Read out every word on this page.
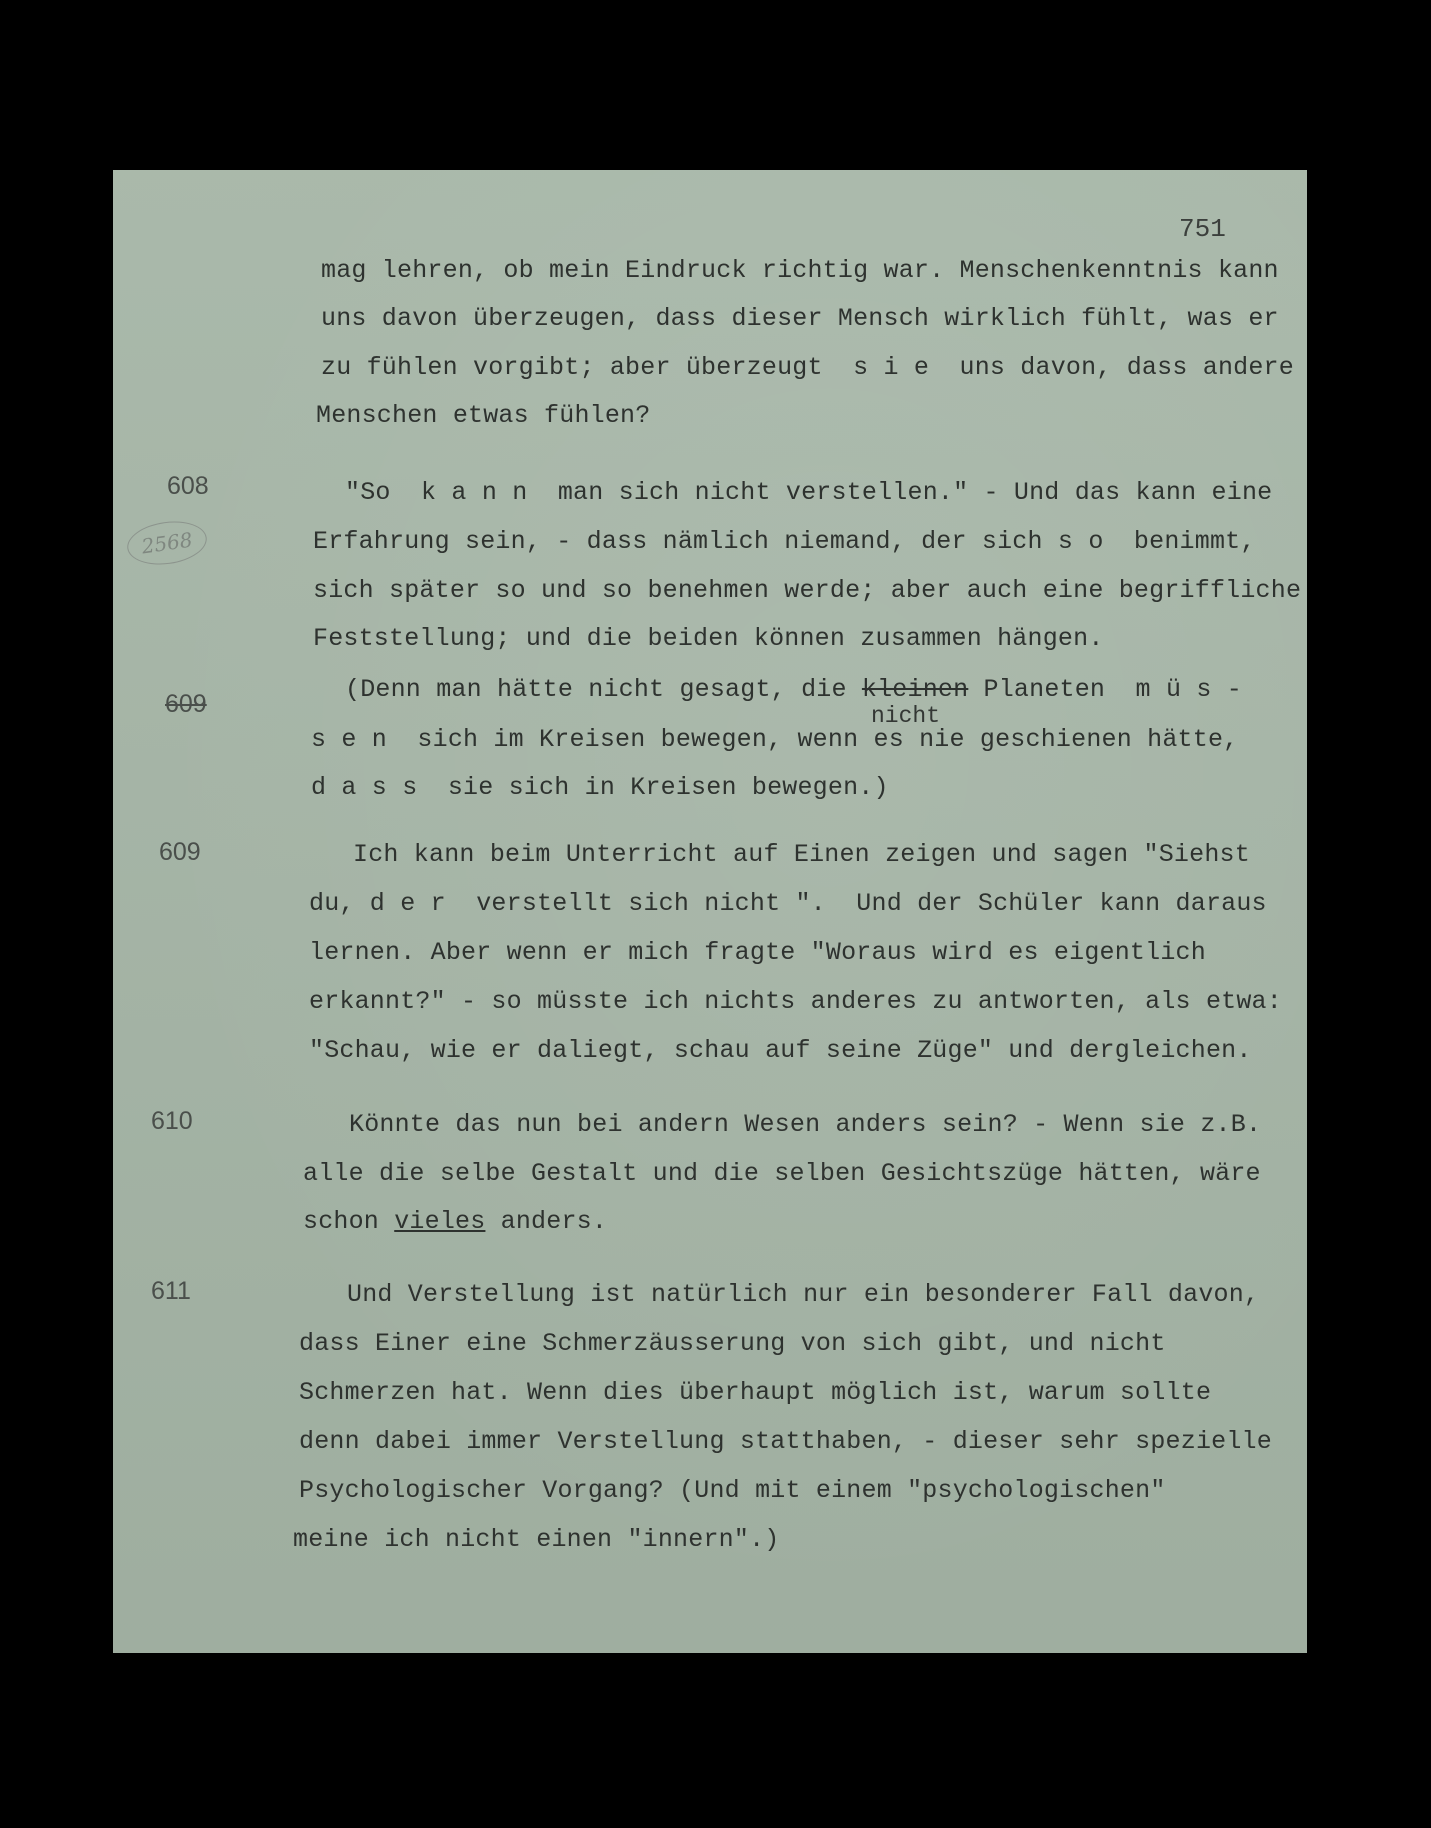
751
mag lehren, ob mein Eindruck richtig war. Menschenkenntnis kann
uns davon überzeugen, dass dieser Mensch wirklich fühlt, was er
zu fühlen vorgibt; aber überzeugt  s i e  uns davon, dass andere
Menschen etwas fühlen?
608
2568
"So  k a n n  man sich nicht verstellen." - Und das kann eine
Erfahrung sein, - dass nämlich niemand, der sich s o  benimmt,
sich später so und so benehmen werde; aber auch eine begriffliche
Feststellung; und die beiden können zusammen hängen.
609	(Denn man hätte nicht gesagt, die kleinen Planeten  m ü s -
nicht
s e n  sich im Kreisen bewegen, wenn es nie geschienen hätte,
d a s s  sie sich in Kreisen bewegen.)
609	Ich kann beim Unterricht auf Einen zeigen und sagen "Siehst
du, d e r  verstellt sich nicht ".  Und der Schüler kann daraus
lernen. Aber wenn er mich fragte "Woraus wird es eigentlich
erkannt?" - so müsste ich nichts anderes zu antworten, als etwa:
"Schau, wie er daliegt, schau auf seine Züge" und dergleichen.
610	Könnte das nun bei andern Wesen anders sein? - Wenn sie z.B.
alle die selbe Gestalt und die selben Gesichtszüge hätten, wäre
schon vieles anders.
611	Und Verstellung ist natürlich nur ein besonderer Fall davon,
dass Einer eine Schmerzäusserung von sich gibt, und nicht
Schmerzen hat. Wenn dies überhaupt möglich ist, warum sollte
denn dabei immer Verstellung statthaben, - dieser sehr spezielle
Psychologischer Vorgang? (Und mit einem "psychologischen"
meine ich nicht einen "innern".)
